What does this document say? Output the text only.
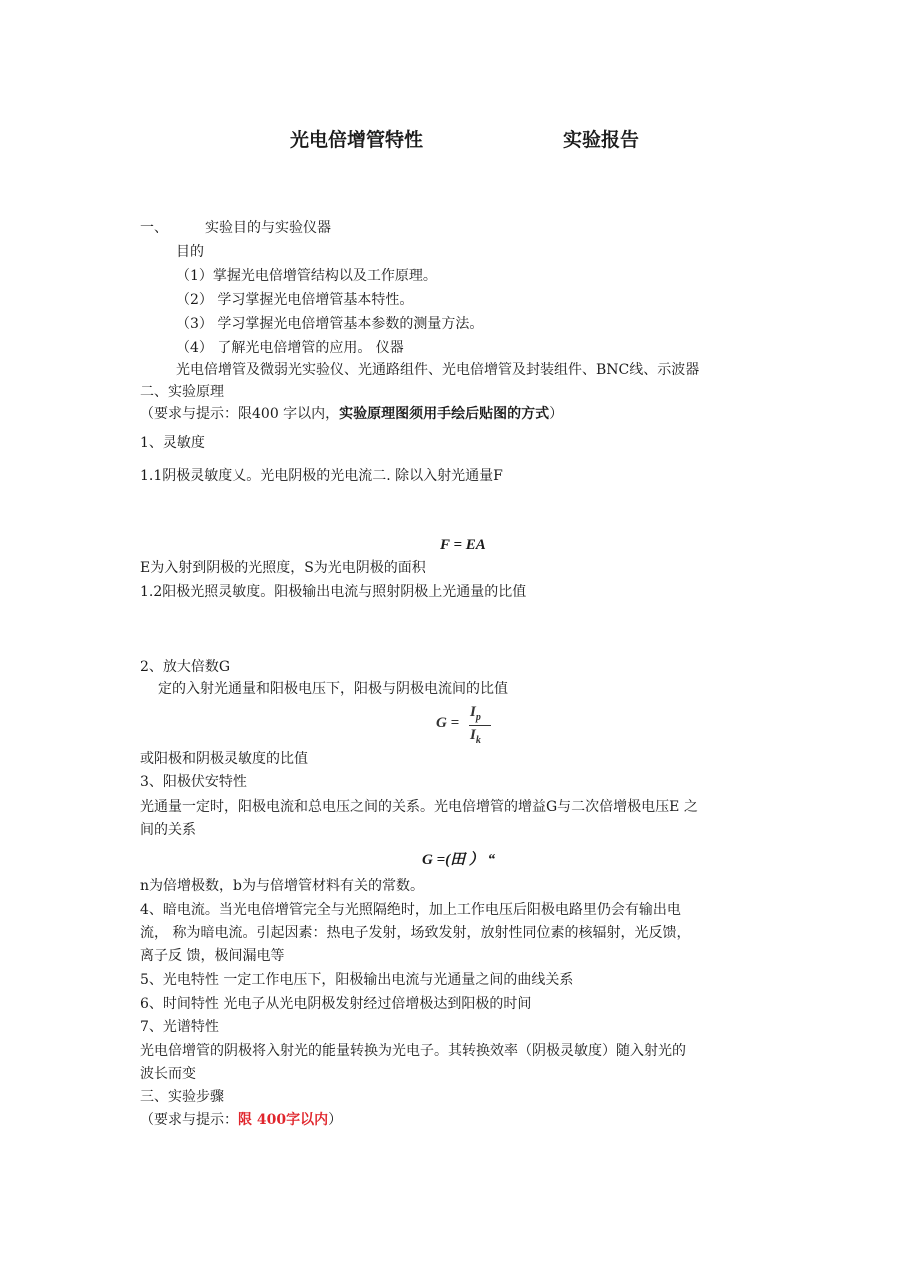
光电倍增管特性	实验报告
一、	实验目的与实验仪器
目的
（1）掌握光电倍增管结构以及工作原理。
（2） 学习掌握光电倍增管基本特性。
（3） 学习掌握光电倍增管基本参数的测量方法。
（4） 了解光电倍增管的应用。 仪器
光电倍增管及微弱光实验仪、光通路组件、光电倍增管及封装组件、BNC线、示波器
二、实验原理
（要求与提示：限400 字以内，实验原理图须用手绘后贴图的方式）
1、灵敏度
1.1阴极灵敏度乂。光电阴极的光电流二. 除以入射光通量F
F = EA
E为入射到阴极的光照度，S为光电阴极的面积
1.2阳极光照灵敏度。阳极输出电流与照射阴极上光通量的比值
2、放大倍数G
定的入射光通量和阳极电压下，阳极与阴极电流间的比值
G =
$I_p$
$I_k$
或阳极和阴极灵敏度的比值
3、阳极伏安特性
光通量一定时，阳极电流和总电压之间的关系。光电倍增管的增益G与二次倍增极电压E 之
间的关系
G =(田 ） “
n为倍增极数，b为与倍增管材料有关的常数。
4、暗电流。当光电倍增管完全与光照隔绝时，加上工作电压后阳极电路里仍会有输出电
流， 称为暗电流。引起因素：热电子发射，场致发射，放射性同位素的核辐射，光反馈，
离子反 馈，极间漏电等
5、光电特性 一定工作电压下，阳极输出电流与光通量之间的曲线关系
6、时间特性 光电子从光电阴极发射经过倍增极达到阳极的时间
7、光谱特性
光电倍增管的阴极将入射光的能量转换为光电子。其转换效率（阴极灵敏度）随入射光的
波长而变
三、实验步骤
（要求与提示：限 400字以内）
